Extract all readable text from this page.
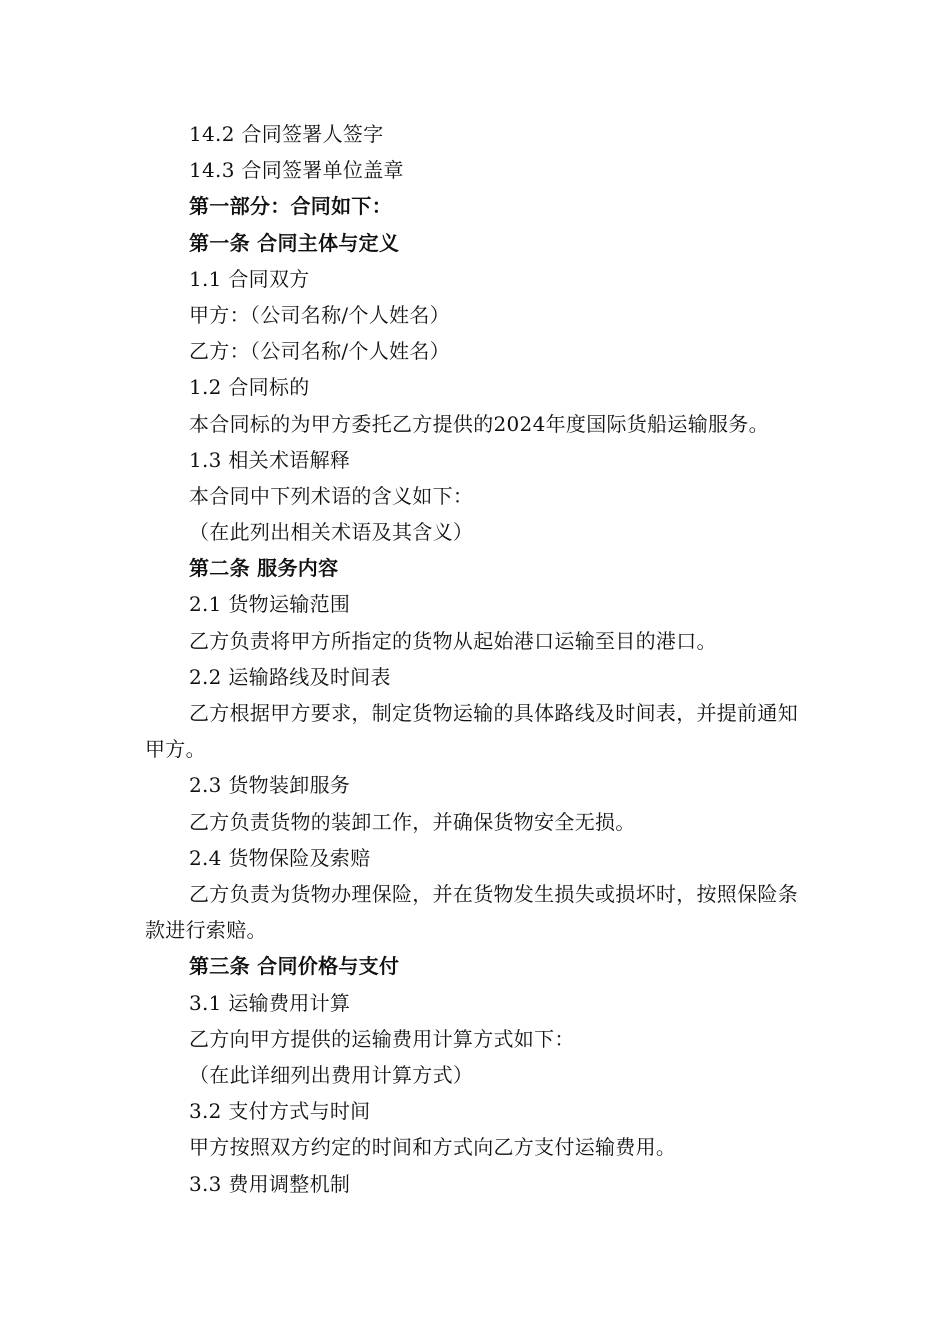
14.2 合同签署人签字
14.3 合同签署单位盖章
第一部分：合同如下：
第一条 合同主体与定义
1.1 合同双方
甲方：（公司名称/个人姓名）
乙方：（公司名称/个人姓名）
1.2 合同标的
本合同标的为甲方委托乙方提供的2024年度国际货船运输服务。
1.3 相关术语解释
本合同中下列术语的含义如下：
（在此列出相关术语及其含义）
第二条 服务内容
2.1 货物运输范围
乙方负责将甲方所指定的货物从起始港口运输至目的港口。
2.2 运输路线及时间表
乙方根据甲方要求，制定货物运输的具体路线及时间表，并提前通知甲方。
2.3 货物装卸服务
乙方负责货物的装卸工作，并确保货物安全无损。
2.4 货物保险及索赔
乙方负责为货物办理保险，并在货物发生损失或损坏时，按照保险条款进行索赔。
第三条 合同价格与支付
3.1 运输费用计算
乙方向甲方提供的运输费用计算方式如下：
（在此详细列出费用计算方式）
3.2 支付方式与时间
甲方按照双方约定的时间和方式向乙方支付运输费用。
3.3 费用调整机制
